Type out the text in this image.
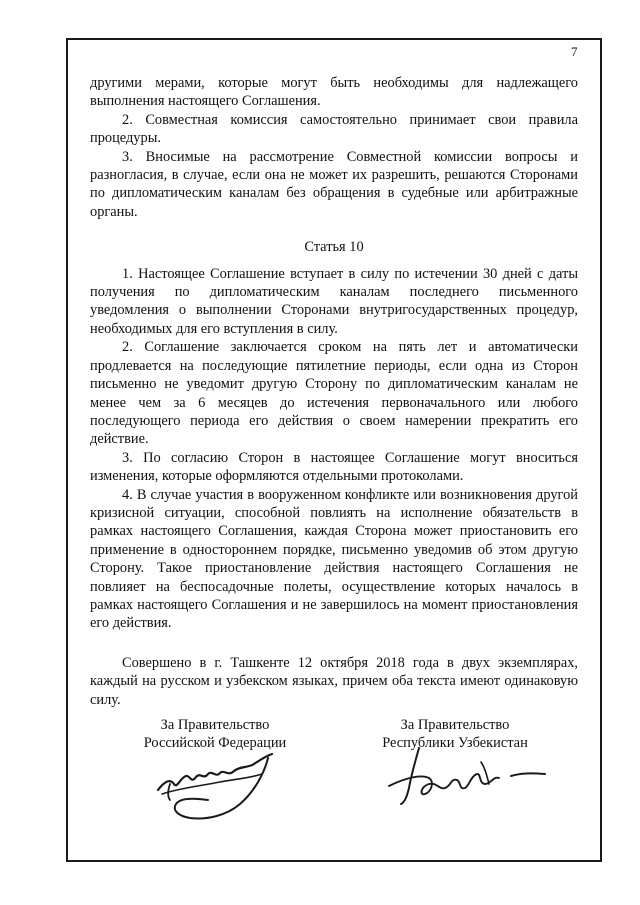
7

другими мерами, которые могут быть необходимы для надлежащего выполнения настоящего Соглашения.

2. Совместная комиссия самостоятельно принимает свои правила процедуры.

3. Вносимые на рассмотрение Совместной комиссии вопросы и разногласия, в случае, если она не может их разрешить, решаются Сторонами по дипломатическим каналам без обращения в судебные или арбитражные органы.

Статья 10

1. Настоящее Соглашение вступает в силу по истечении 30 дней с даты получения по дипломатическим каналам последнего письменного уведомления о выполнении Сторонами внутригосударственных процедур, необходимых для его вступления в силу.

2. Соглашение заключается сроком на пять лет и автоматически продлевается на последующие пятилетние периоды, если одна из Сторон письменно не уведомит другую Сторону по дипломатическим каналам не менее чем за 6 месяцев до истечения первоначального или любого последующего периода его действия о своем намерении прекратить его действие.

3. По согласию Сторон в настоящее Соглашение могут вноситься изменения, которые оформляются отдельными протоколами.

4. В случае участия в вооруженном конфликте или возникновения другой кризисной ситуации, способной повлиять на исполнение обязательств в рамках настоящего Соглашения, каждая Сторона может приостановить его применение в одностороннем порядке, письменно уведомив об этом другую Сторону. Такое приостановление действия настоящего Соглашения не повлияет на беспосадочные полеты, осуществление которых началось в рамках настоящего Соглашения и не завершилось на момент приостановления его действия.

Совершено в г. Ташкенте 12 октября 2018 года в двух экземплярах, каждый на русском и узбекском языках, причем оба текста имеют одинаковую силу.

За Правительство
Российской Федерации
За Правительство
Республики Узбекистан
